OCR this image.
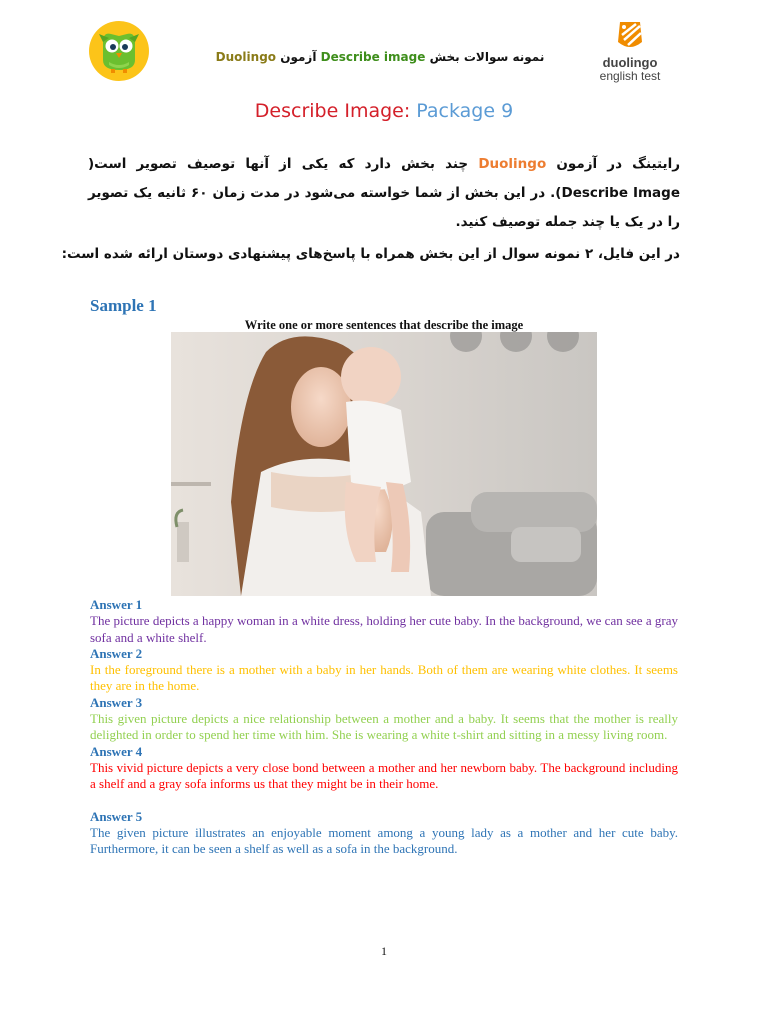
نمونه سوالات بخش Describe image آزمون Duolingo	duolingo
english test
Describe Image: Package 9
رایتینگ در آزمون Duolingo چند بخش دارد که یکی از آنها توصیف تصویر است( Describe Image). در این بخش از شما خواسته می‌شود در مدت زمان ۶۰ ثانیه یک تصویر را در یک یا چند جمله توصیف کنید.
در این فایل، ۲ نمونه سوال از این بخش همراه با پاسخ‌های پیشنهادی دوستان ارائه شده است:
Sample 1
Write one or more sentences that describe the image
Answer 1
The picture depicts a happy woman in a white dress, holding her cute baby. In the background, we can see a gray sofa and a white shelf.
Answer 2
In the foreground there is a mother with a baby in her hands. Both of them are wearing white clothes. It seems they are in the home.
Answer 3
This given picture depicts a nice relationship between a mother and a baby. It seems that the mother is really delighted in order to spend her time with him. She is wearing a white t-shirt and sitting in a messy living room.
Answer 4
This vivid picture depicts a very close bond between a mother and her newborn baby. The background including a shelf and a gray sofa informs us that they might be in their home.
Answer 5
The given picture illustrates an enjoyable moment among a young lady as a mother and her cute baby. Furthermore, it can be seen a shelf as well as a sofa in the background.
1
